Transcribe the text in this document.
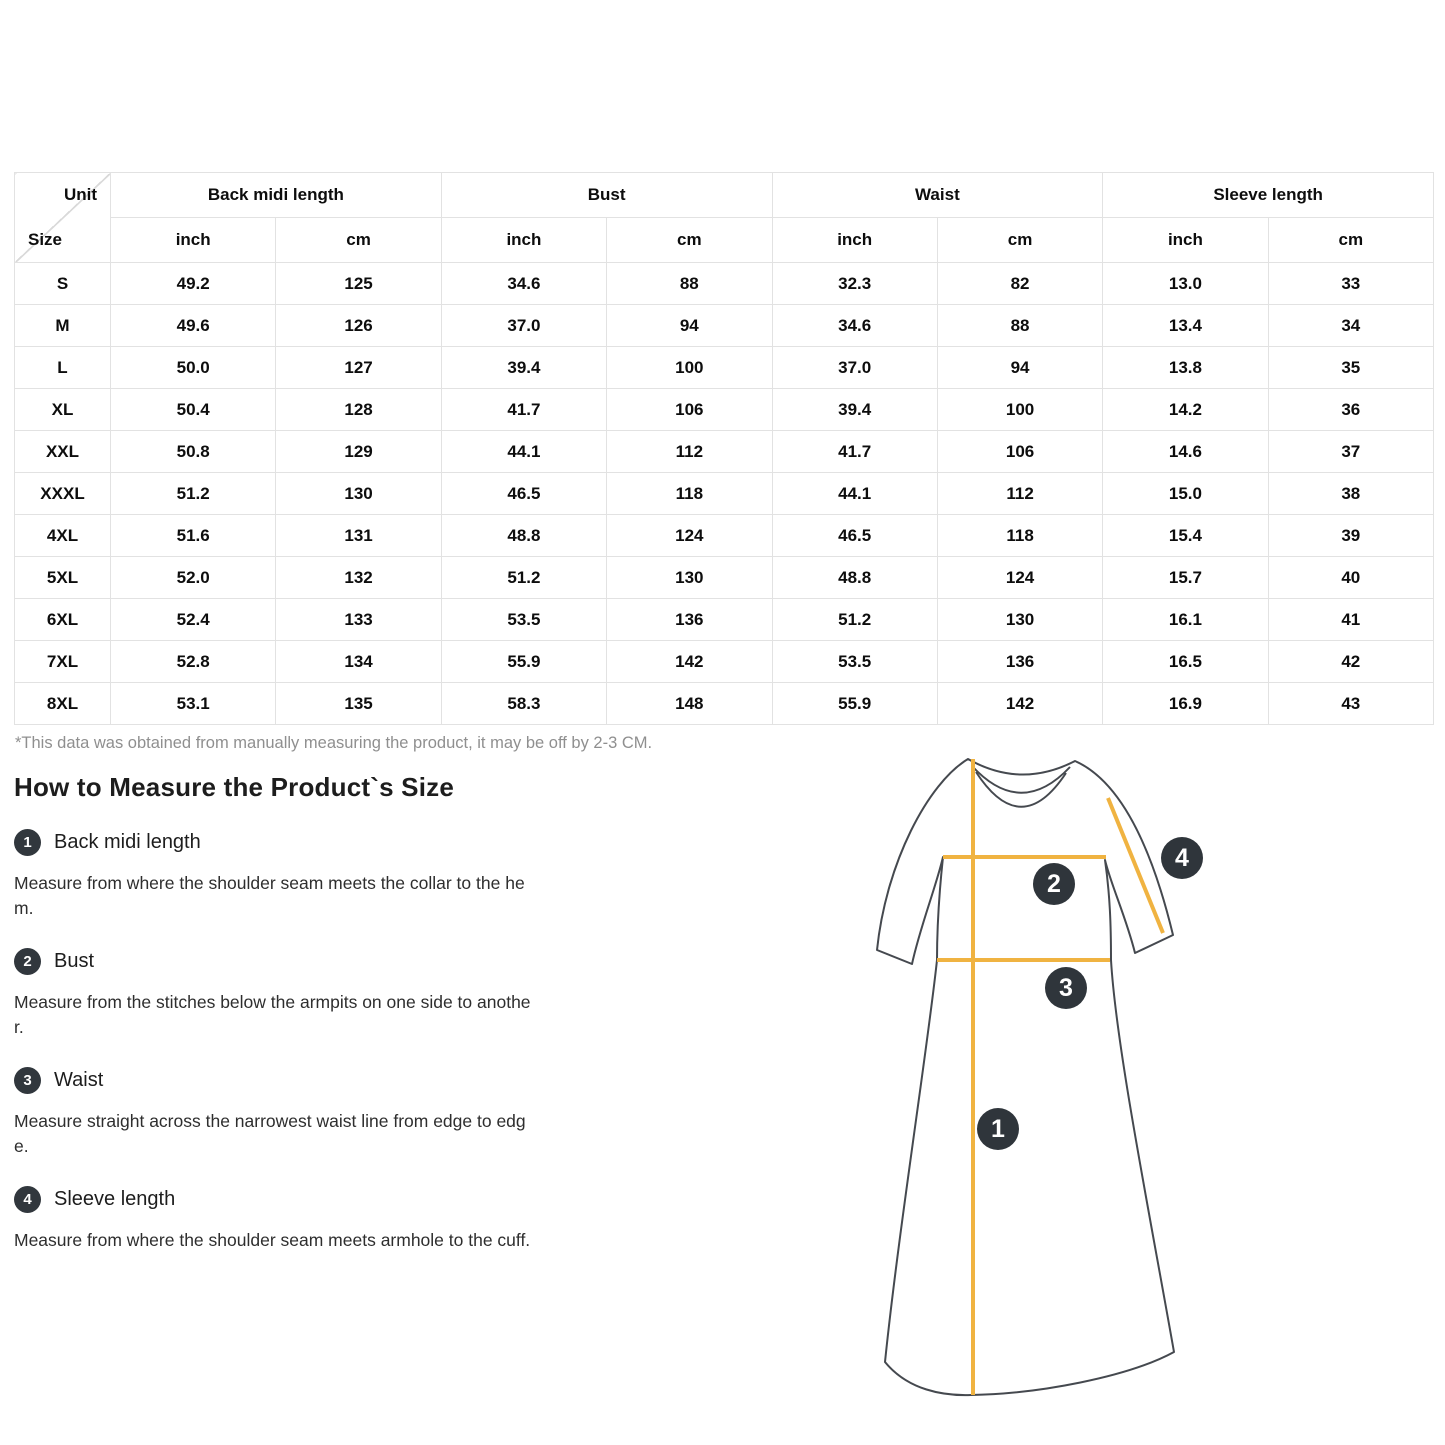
Unit
Size	Back midi length		Bust		Waist		Sleeve length	
	inch	cm	inch	cm	inch	cm	inch	cm
S	49.2	125	34.6	88	32.3	82	13.0	33
M	49.6	126	37.0	94	34.6	88	13.4	34
L	50.0	127	39.4	100	37.0	94	13.8	35
XL	50.4	128	41.7	106	39.4	100	14.2	36
XXL	50.8	129	44.1	112	41.7	106	14.6	37
XXXL	51.2	130	46.5	118	44.1	112	15.0	38
4XL	51.6	131	48.8	124	46.5	118	15.4	39
5XL	52.0	132	51.2	130	48.8	124	15.7	40
6XL	52.4	133	53.5	136	51.2	130	16.1	41
7XL	52.8	134	55.9	142	53.5	136	16.5	42
8XL	53.1	135	58.3	148	55.9	142	16.9	43
*This data was obtained from manually measuring the product, it may be off by 2-3 CM.
How to Measure the Product`s Size
1	Back midi length

Measure from where the shoulder seam meets the collar to the hem.

2	Bust

Measure from the stitches below the armpits on one side to another.

3	Waist

Measure straight across the narrowest waist line from edge to edge.

4	Sleeve length

Measure from where the shoulder seam meets armhole to the cuff.

1
2
3
4
